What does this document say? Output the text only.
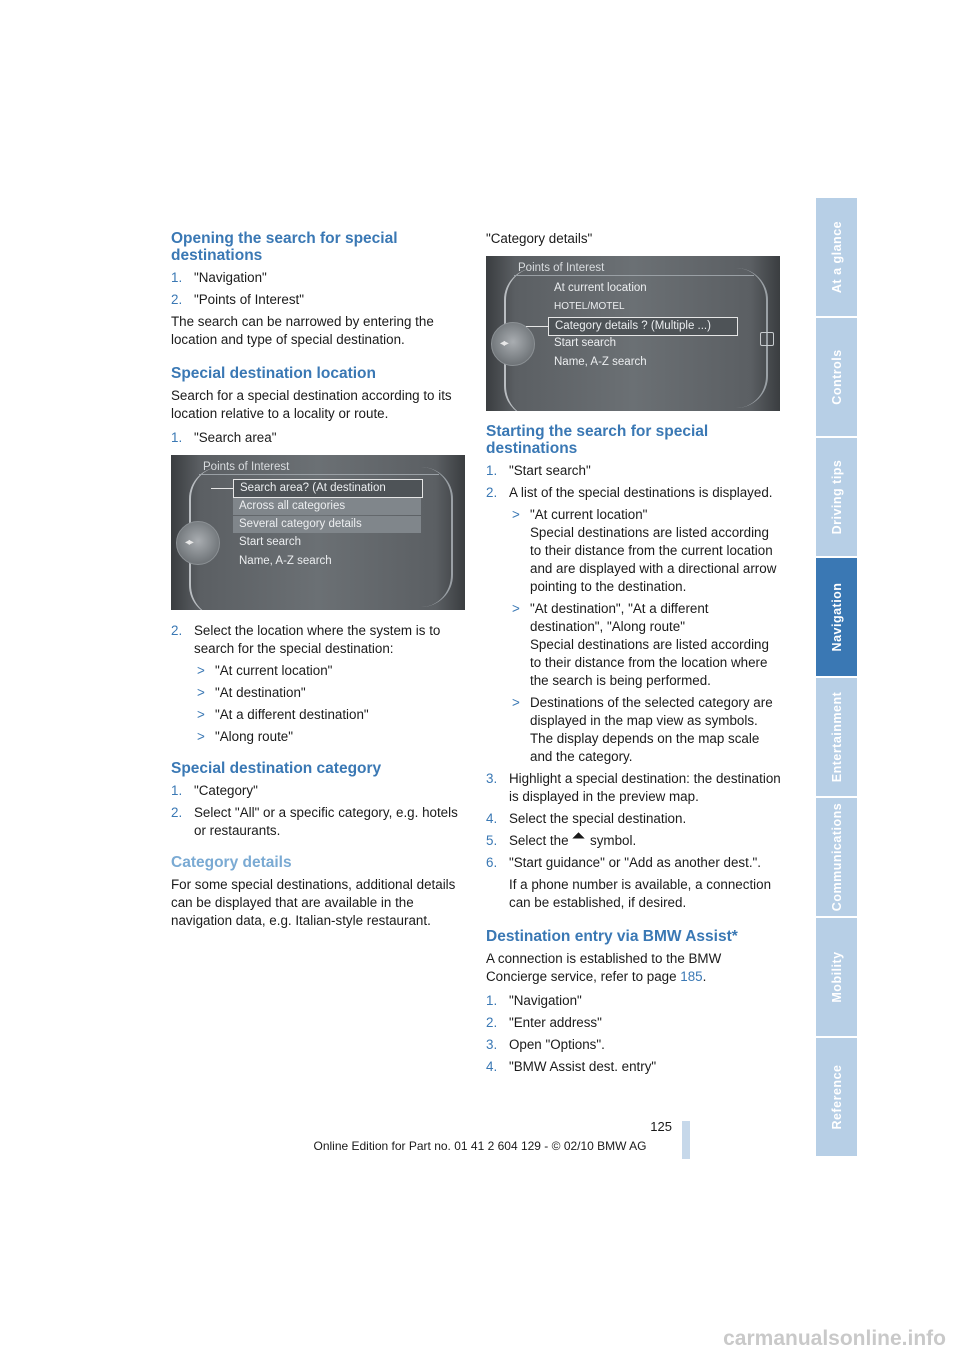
Opening the search for special destinations
1. "Navigation"
2. "Points of Interest"

The search can be narrowed by entering the location and type of special destination.

Special destination location

Search for a special destination according to its location relative to a locality or route.

1. "Search area"
◂ ▸
Points of Interest
Search area? (At destination
Across all categories
Several category details
Start search
Name, A-Z search
2. Select the location where the system is to search for the special destination:
> "At current location"
> "At destination"
> "At a different destination"
> "Along route"
Special destination category
1. "Category"
2. Select "All" or a specific category, e.g. hotels or restaurants.
Category details

For some special destinations, additional details can be displayed that are available in the navigation data, e.g. Italian-style restaurant.

"Category details"

◂ ▸
Points of Interest
At current location
HOTEL/MOTEL
Category details ? (Multiple ...)
Start search
Name, A-Z search
Starting the search for special destinations
1. "Start search"
2. A list of the special destinations is displayed.
> "At current location"
Special destinations are listed according to their distance from the current location and are displayed with a directional arrow pointing to the destination.
> "At destination", "At a different destination", "Along route"
Special destinations are listed according to their distance from the location where the search is being performed.
> Destinations of the selected category are displayed in the map view as symbols. The display depends on the map scale and the category.
3. Highlight a special destination: the destination is displayed in the preview map.
4. Select the special destination.
5. Select the symbol.
6. "Start guidance" or "Add as another dest.".

If a phone number is available, a connection can be established, if desired.

Destination entry via BMW Assist*

A connection is established to the BMW Concierge service, refer to page 185.

1. "Navigation"
2. "Enter address"
3. Open "Options".
4. "BMW Assist dest. entry"
At a glance
Controls
Driving tips
Navigation
Entertainment
Communications
Mobility
Reference
125
Online Edition for Part no. 01 41 2 604 129 - © 02/10 BMW AG
carmanualsonline.info
